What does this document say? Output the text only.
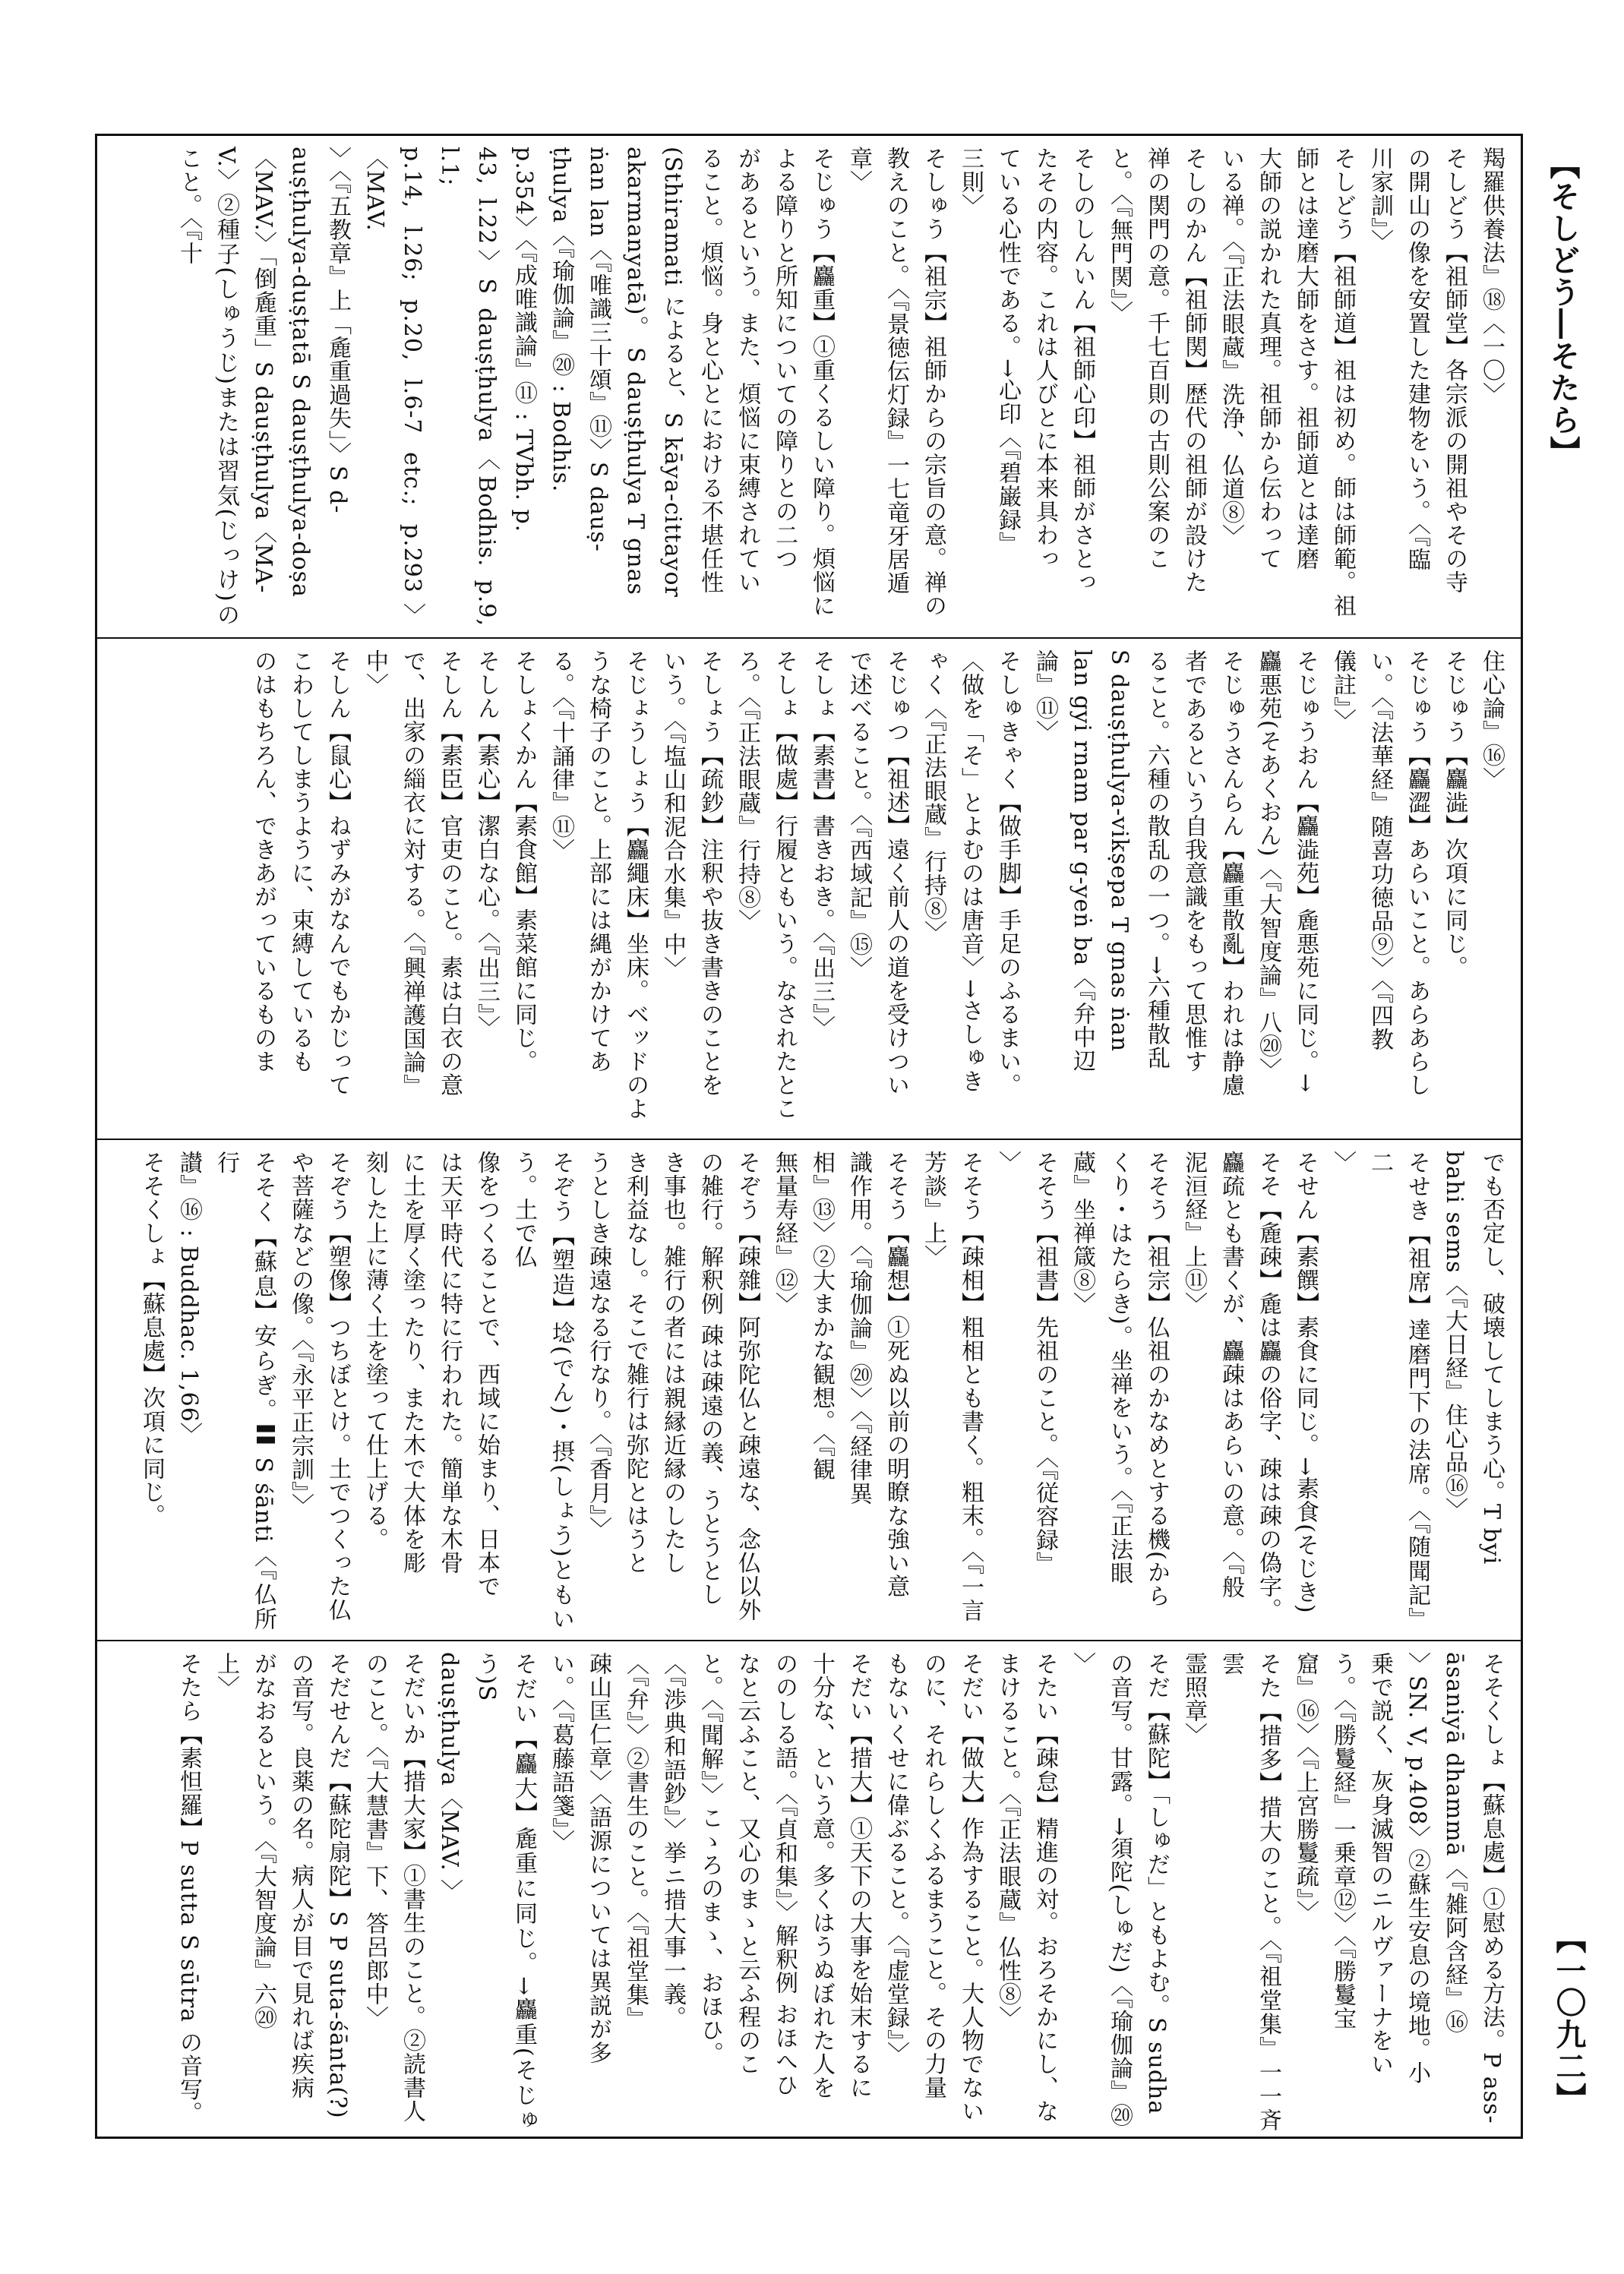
【そしどう―そたら】
【一〇九二】
羯羅供養法』⑱〈一〇〉
そしどう【祖師堂】各宗派の開祖やその寺
の開山の像を安置した建物をいう。〈『臨
川家訓』〉
そしどう【祖師道】祖は初め。師は師範。祖
師とは達磨大師をさす。祖師道とは達磨
大師の説かれた真理。祖師から伝わって
いる禅。〈『正法眼蔵』洗浄、仏道⑧〉
そしのかん【祖師関】歴代の祖師が設けた
禅の関門の意。千七百則の古則公案のこ
と。〈『無門関』〉
そしのしんいん【祖師心印】祖師がさとっ
たその内容。これは人びとに本来具わっ
ている心性である。→心印〈『碧巌録』
三則〉
そしゅう【祖宗】祖師からの宗旨の意。禅の
教えのこと。〈『景徳伝灯録』一七竜牙居遁
章〉
そじゅう【麤重】①重くるしい障り。煩悩に
よる障りと所知についての障りとの二つ
があるという。また、煩悩に束縛されてい
ること。煩悩。身と心とにおける不堪任性
(Sthiramati によると、S kāya-cittayor
akarmanyatā)。 S dauṣṭhulya T gnas
ṅan lan〈『唯識三十頌』⑪〉S dauṣ-
ṭhulya〈『瑜伽論』⑳ : Bodhis.
p.354〉〈『成唯識論』⑪ : TVbh. p.
43, l.22〉S dauṣṭhulya〈Bodhis. p.9, l.1;
p.14, l.26; p.20, l.6-7 etc.; p.293〉〈MAV.
〉〈『五教章』上「麁重過失」〉S d-
auṣṭhulya-duṣṭatā S dauṣṭhulya-doṣa
〈MAV.〉「倒麁重」S dauṣṭhulya〈MA-
V.〉②種子(しゅうじ)または習気(じっけ)のこと。〈『十
住心論』⑯〉
そじゅう【麤澁】次項に同じ。
そじゅう【麤澀】あらいこと。あらあらし
い。〈『法華経』随喜功徳品⑨〉〈『四教
儀註』〉
そじゅうおん【麤澁苑】麁悪苑に同じ。→
麤悪苑(そあくおん)〈『大智度論』八⑳〉
そじゅうさんらん【麤重散亂】われは静慮
者であるという自我意識をもって思惟す
ること。六種の散乱の一つ。→六種散乱
S dauṣṭhulya-vikṣepa T gnas ṅan
lan gyi rnam par g-yeṅ ba〈『弁中辺
論』⑪〉
そしゅきゃく【做手脚】手足のふるまい。
〈做を「そ」とよむのは唐音〉→さしゅき
ゃく〈『正法眼蔵』行持⑧〉
そじゅつ【祖述】遠く前人の道を受けつい
で述べること。〈『西域記』⑮〉
そしょ【素書】書きおき。〈『出三』〉
そしょ【做處】行履ともいう。なされたとこ
ろ。〈『正法眼蔵』行持⑧〉
そしょう【疏鈔】注釈や抜き書きのことを
いう。〈『塩山和泥合水集』中〉
そじょうしょう【麤繩床】坐床。ベッドのよ
うな椅子のこと。上部には縄がかけてあ
る。〈『十誦律』⑪〉
そしょくかん【素食館】素菜館に同じ。
そしん【素心】潔白な心。〈『出三』〉
そしん【素臣】官吏のこと。素は白衣の意
で、出家の緇衣に対する。〈『興禅護国論』
中〉
そしん【鼠心】ねずみがなんでもかじって
こわしてしまうように、束縛しているも
のはもちろん、できあがっているものま
でも否定し、破壊してしまう心。T byi
bahi sems〈『大日経』住心品⑯〉
そせき【祖席】達磨門下の法席。〈『随聞記』二
〉
そせん【素饌】素食に同じ。→素食(そじき)
そそ【麁疎】麁は麤の俗字、疎は疎の偽字。
麤疏とも書くが、麤疎はあらいの意。〈『般
泥洹経』上⑪〉
そそう【祖宗】仏祖のかなめとする機(から
くり・はたらき)。坐禅をいう。〈『正法眼
蔵』坐禅箴⑧〉
そそう【祖書】先祖のこと。〈『従容録』
〉
そそう【疎相】粗相とも書く。粗末。〈『一言
芳談』上〉
そそう【麤想】①死ぬ以前の明瞭な強い意
識作用。〈『瑜伽論』⑳〉〈『経律異
相』⑬〉②大まかな観想。〈『観
無量寿経』⑫〉
そぞう【疎雜】阿弥陀仏と疎遠な、念仏以外
の雑行。解釈例 疎は疎遠の義、うとうとし
き事也。雑行の者には親縁近縁のしたし
き利益なし。そこで雑行は弥陀とはうと
うとしき疎遠なる行なり。〈『香月』〉
そぞう【塑造】埝(でん)・摂(しょう)ともいう。土で仏
像をつくることで、西域に始まり、日本で
は天平時代に特に行われた。簡単な木骨
に土を厚く塗ったり、また木で大体を彫
刻した上に薄く土を塗って仕上げる。
そぞう【塑像】つちぼとけ。土でつくった仏
や菩薩などの像。〈『永平正宗訓』〉
そそく【蘇息】安らぎ。〓 S śānti〈『仏所行
讃』⑯ : Buddhac. 1,66〉
そそくしょ【蘇息處】次項に同じ。
そそくしょ【蘇息處】①慰める方法。P ass-
āsaniyā dhammā〈『雑阿含経』⑯
〉SN. V, p.408〉②蘇生安息の境地。小
乗で説く、灰身滅智のニルヴァーナをい
う。〈『勝鬘経』一乗章⑫〉〈『勝鬘宝
窟』⑯〉〈『上宮勝鬘疏』〉
そた【措多】措大のこと。〈『祖堂集』一一斉雲
霊照章〉
そだ【蘇陀】「しゅだ」ともよむ。S sudha
の音写。甘露。→須陀(しゅだ)〈『瑜伽論』⑳
〉
そたい【疎怠】精進の対。おろそかにし、な
まけること。〈『正法眼蔵』仏性⑧〉
そだい【做大】作為すること。大人物でない
のに、それらしくふるまうこと。その力量
もないくせに偉ぶること。〈『虚堂録』〉
そだい【措大】①天下の大事を始末するに
十分な、という意。多くはうぬぼれた人を
ののしる語。〈『貞和集』〉解釈例 おほへひ
なと云ふこと、又心のまゝと云ふ程のこ
と。〈『聞解』〉こゝろのまゝ、おほひ。
〈『渉典和語鈔』〉挙ニ措大事一義。
〈『弁』〉②書生のこと。〈『祖堂集』
疎山匡仁章〉〈語源については異説が多
い。〈『葛藤語箋』〉
そだい【麤大】麁重に同じ。→麤重(そじゅう)S
dauṣṭhulya〈MAV. 〉
そだいか【措大家】①書生のこと。②読書人
のこと。〈『大慧書』下、答呂郎中〉
そだせんだ【蘇陀扇陀】S P suta-śānta(?)
の音写。良薬の名。病人が目で見れば疾病
がなおるという。〈『大智度論』六⑳
上〉
そたら【素怛羅】P sutta S sūtra の音写。
